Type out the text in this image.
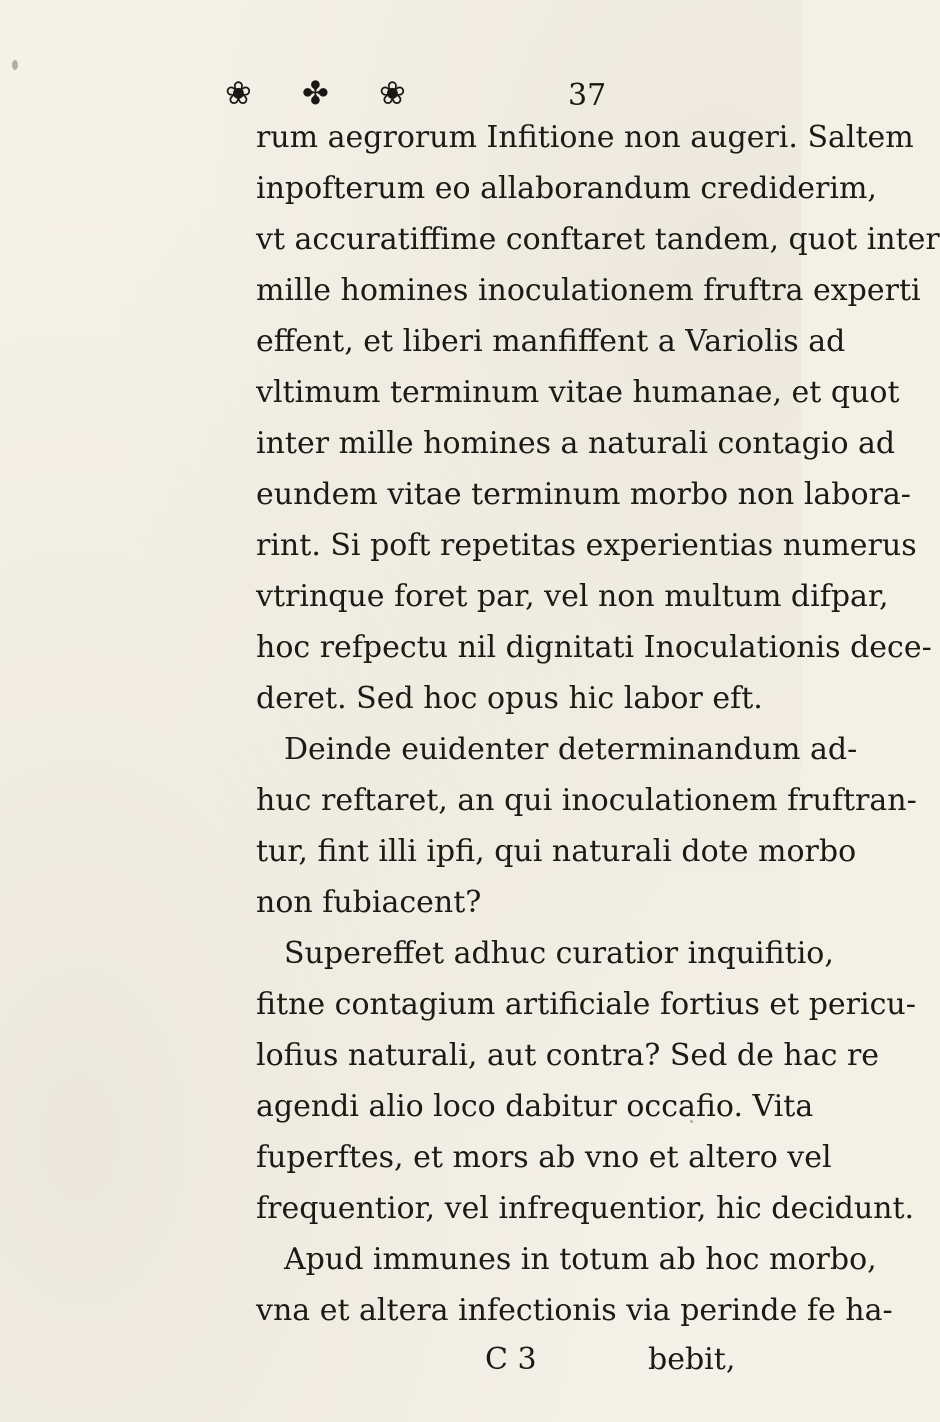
❀ ✤ ❀	37
rum aegrorum Infitione non augeri. Saltem
inpofterum eo allaborandum crediderim,
vt accuratiffime conftaret tandem, quot inter
mille homines inoculationem fruftra experti
effent, et liberi manfiffent a Variolis ad
vltimum terminum vitae humanae, et quot
inter mille homines a naturali contagio ad
eundem vitae terminum morbo non labora-
rint. Si poft repetitas experientias numerus
vtrinque foret par, vel non multum difpar,
hoc refpectu nil dignitati Inoculationis dece-
deret. Sed hoc opus hic labor eft.
Deinde euidenter determinandum ad-
huc reftaret, an qui inoculationem fruftran-
tur, fint illi ipfi, qui naturali dote morbo
non fubiacent?
Supereffet adhuc curatior inquifitio,
fitne contagium artificiale fortius et pericu-
lofius naturali, aut contra? Sed de hac re
agendi alio loco dabitur occafio. Vita
fuperftes, et mors ab vno et altero vel
frequentior, vel infrequentior, hic decidunt.
Apud immunes in totum ab hoc morbo,
vna et altera infectionis via perinde fe ha-
C 3	bebit,
